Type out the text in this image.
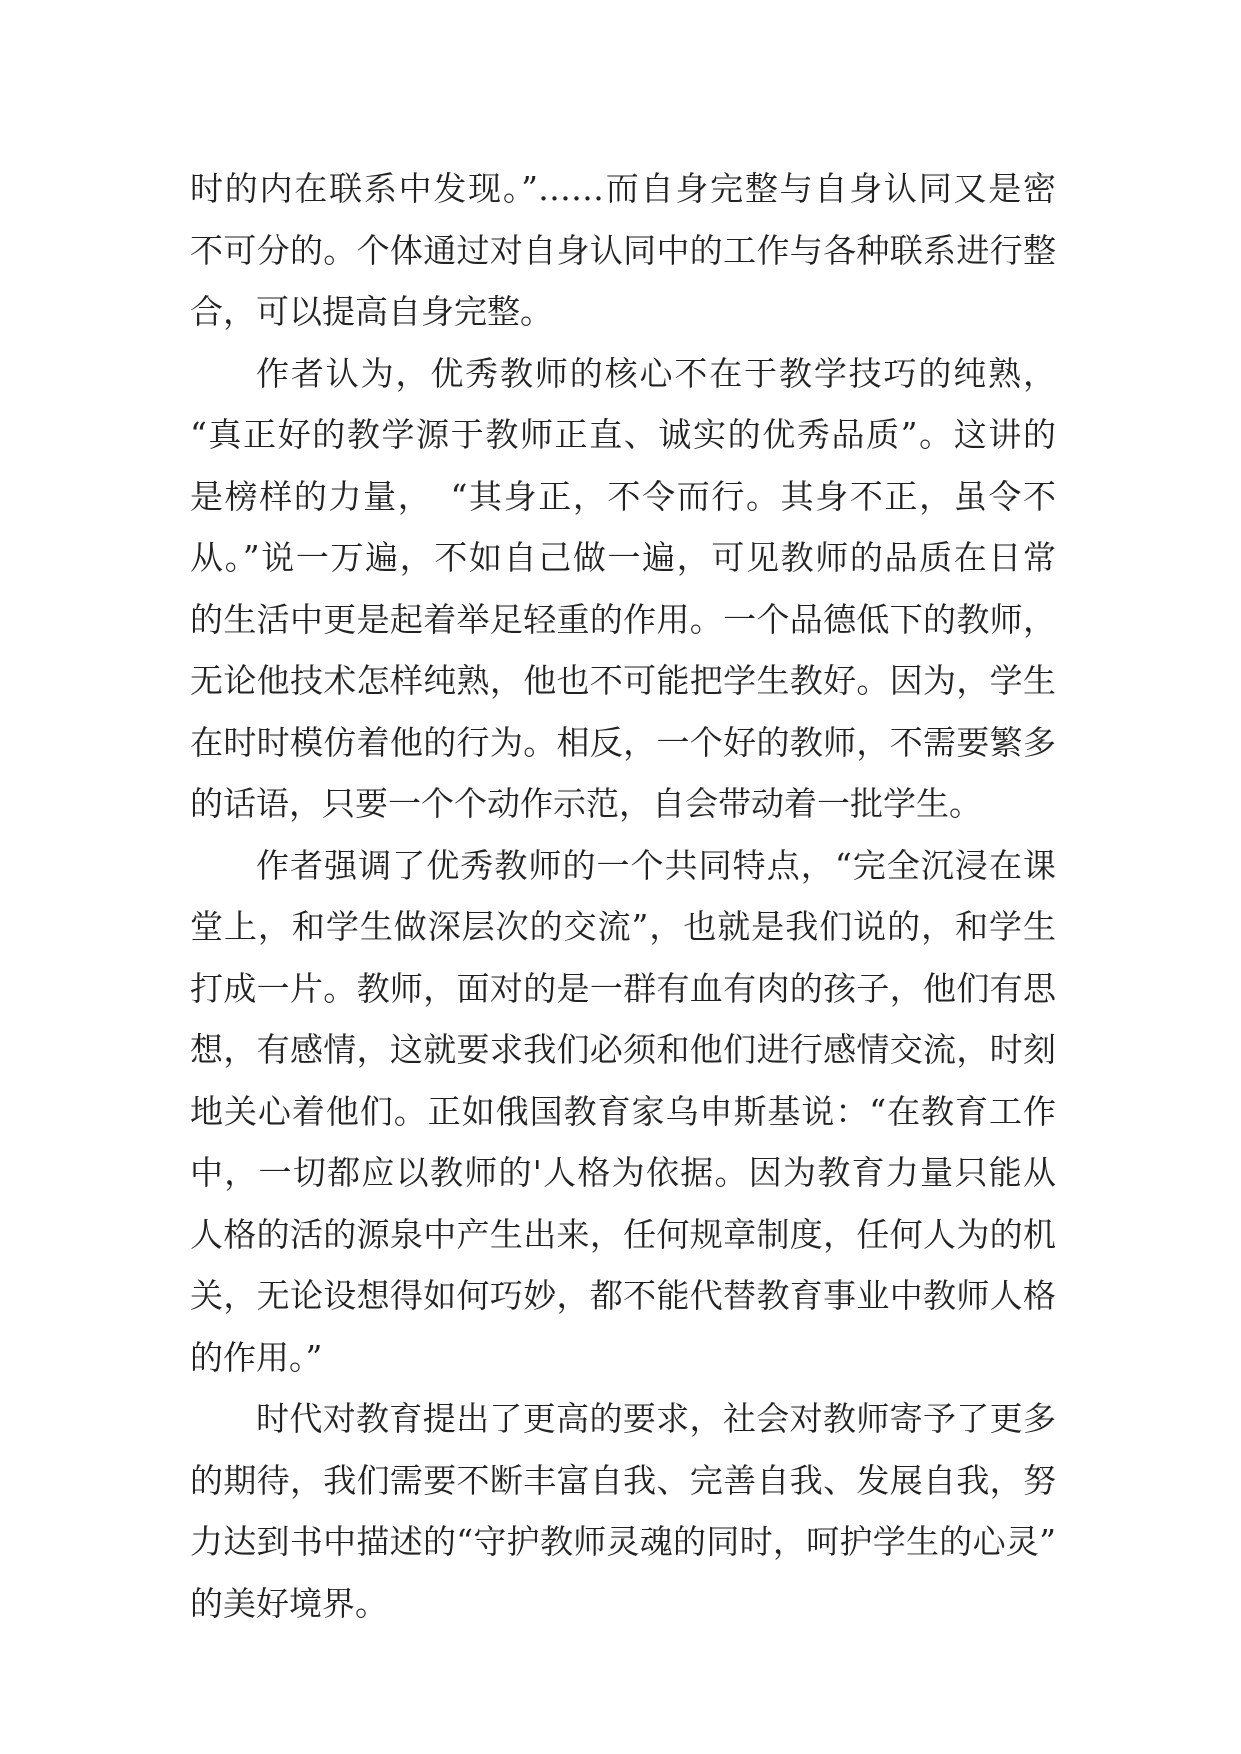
时的内在联系中发现。”……而自身完整与自身认同又是密
不可分的。个体通过对自身认同中的工作与各种联系进行整
合，可以提高自身完整。
作者认为，优秀教师的核心不在于教学技巧的纯熟，
“真正好的教学源于教师正直、诚实的优秀品质”。这讲的
是榜样的力量，　“其身正，不令而行。其身不正，虽令不
从。”说一万遍，不如自己做一遍，可见教师的品质在日常
的生活中更是起着举足轻重的作用。一个品德低下的教师，
无论他技术怎样纯熟，他也不可能把学生教好。因为，学生
在时时模仿着他的行为。相反，一个好的教师，不需要繁多
的话语，只要一个个动作示范，自会带动着一批学生。
作者强调了优秀教师的一个共同特点，“完全沉浸在课
堂上，和学生做深层次的交流”，也就是我们说的，和学生
打成一片。教师，面对的是一群有血有肉的孩子，他们有思
想，有感情，这就要求我们必须和他们进行感情交流，时刻
地关心着他们。正如俄国教育家乌申斯基说：“在教育工作
中，一切都应以教师的'人格为依据。因为教育力量只能从
人格的活的源泉中产生出来，任何规章制度，任何人为的机
关，无论设想得如何巧妙，都不能代替教育事业中教师人格
的作用。”
时代对教育提出了更高的要求，社会对教师寄予了更多
的期待，我们需要不断丰富自我、完善自我、发展自我，努
力达到书中描述的“守护教师灵魂的同时，呵护学生的心灵”
的美好境界。
